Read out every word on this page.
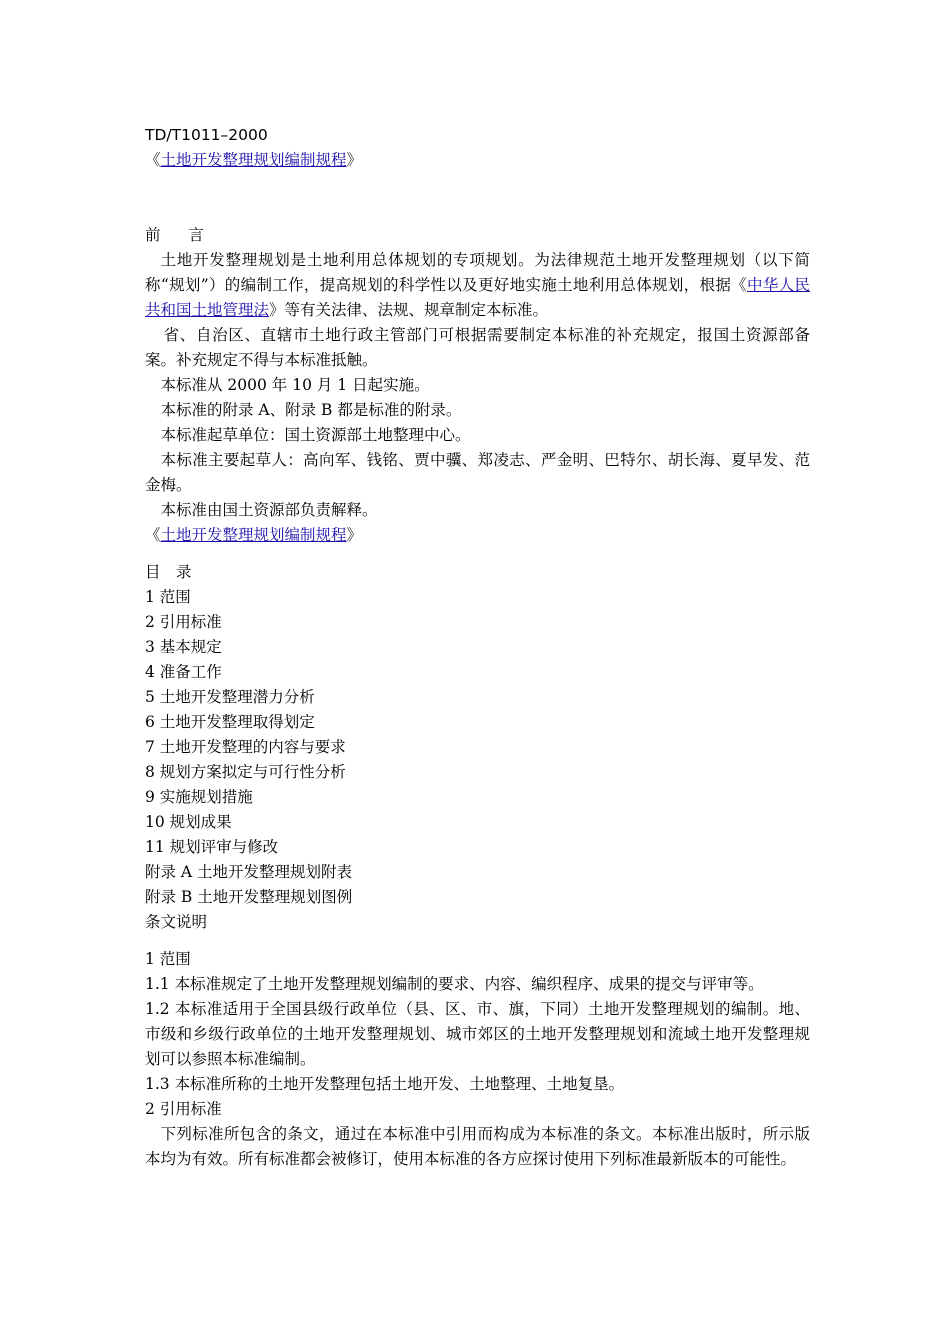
TD/T1011–2000
《土地开发整理规划编制规程》
前言
土地开发整理规划是土地利用总体规划的专项规划。为法律规范土地开发整理规划（以下简称“规划”）的编制工作，提高规划的科学性以及更好地实施土地利用总体规划，根据《中华人民共和国土地管理法》等有关法律、法规、规章制定本标准。
省、自治区、直辖市土地行政主管部门可根据需要制定本标准的补充规定，报国土资源部备案。补充规定不得与本标准抵触。
本标准从 2000 年 10 月 1 日起实施。
本标准的附录 A、附录 B 都是标准的附录。
本标准起草单位：国土资源部土地整理中心。
本标准主要起草人：高向军、钱铭、贾中骥、郑凌志、严金明、巴特尔、胡长海、夏早发、范金梅。
本标准由国土资源部负责解释。
《土地开发整理规划编制规程》
目录
1 范围
2 引用标准
3 基本规定
4 准备工作
5 土地开发整理潜力分析
6 土地开发整理取得划定
7 土地开发整理的内容与要求
8 规划方案拟定与可行性分析
9 实施规划措施
10 规划成果
11 规划评审与修改
附录 A 土地开发整理规划附表
附录 B 土地开发整理规划图例
条文说明
1 范围
1.1 本标准规定了土地开发整理规划编制的要求、内容、编织程序、成果的提交与评审等。
1.2 本标准适用于全国县级行政单位（县、区、市、旗，下同）土地开发整理规划的编制。地、市级和乡级行政单位的土地开发整理规划、城市郊区的土地开发整理规划和流域土地开发整理规划可以参照本标准编制。
1.3 本标准所称的土地开发整理包括土地开发、土地整理、土地复垦。
2 引用标准
下列标准所包含的条文，通过在本标准中引用而构成为本标准的条文。本标准出版时，所示版本均为有效。所有标准都会被修订，使用本标准的各方应探讨使用下列标准最新版本的可能性。
